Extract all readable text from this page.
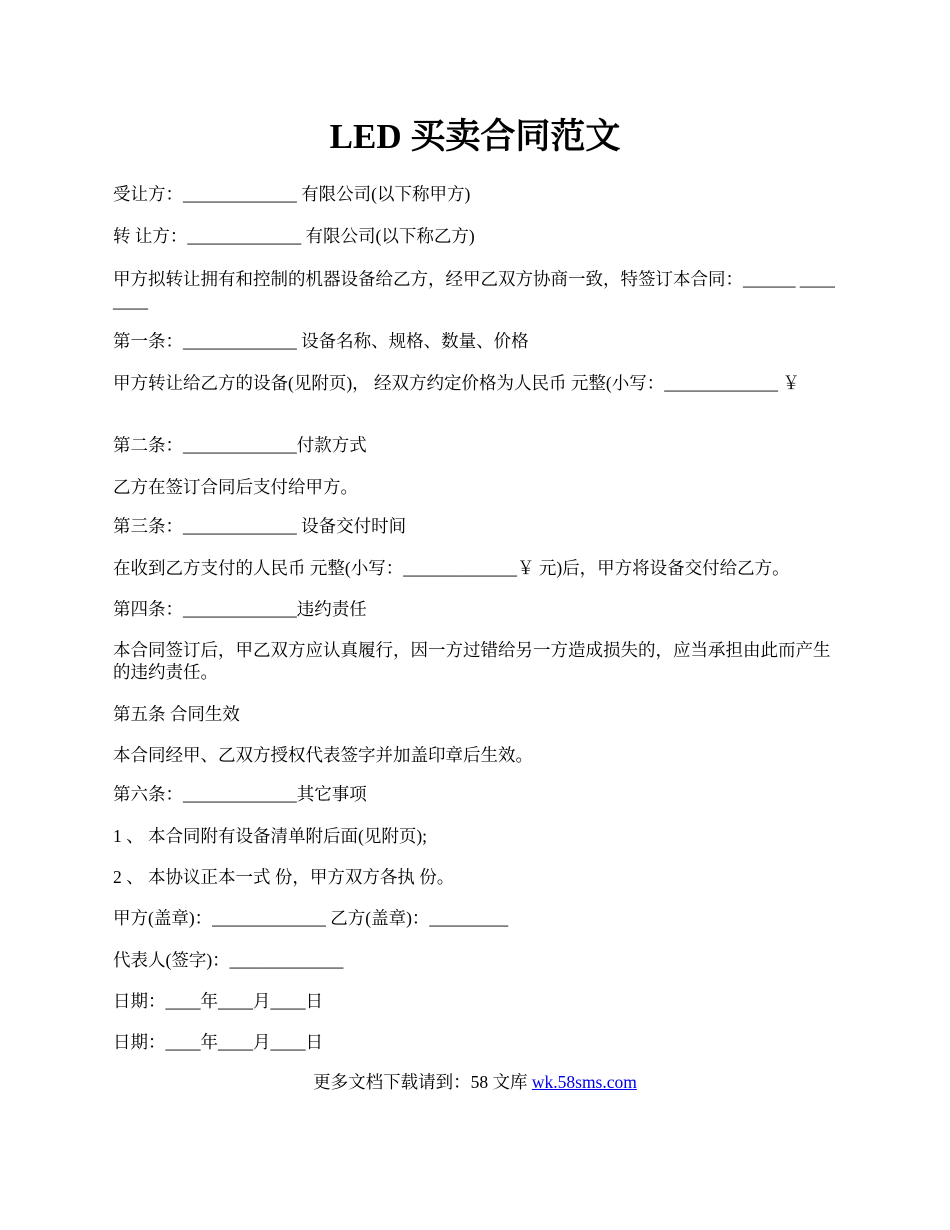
LED 买卖合同范文

受让方：_____________ 有限公司(以下称甲方)

转 让方：_____________ 有限公司(以下称乙方)

甲方拟转让拥有和控制的机器设备给乙方，经甲乙双方协商一致，特签订本合同：______ ________

第一条：_____________ 设备名称、规格、数量、价格

甲方转让给乙方的设备(见附页)， 经双方约定价格为人民币 元整(小写：_____________ ￥

第二条：_____________付款方式

乙方在签订合同后支付给甲方。

第三条：_____________ 设备交付时间

在收到乙方支付的人民币 元整(小写：_____________￥ 元)后，甲方将设备交付给乙方。

第四条：_____________违约责任

本合同签订后，甲乙双方应认真履行，因一方过错给另一方造成损失的，应当承担由此而产生 的违约责任。

第五条 合同生效

本合同经甲、乙双方授权代表签字并加盖印章后生效。

第六条：_____________其它事项

1 、 本合同附有设备清单附后面(见附页);

2 、 本协议正本一式 份，甲方双方各执 份。

甲方(盖章)：_____________ 乙方(盖章)：_________

代表人(签字)：_____________

日期：____年____月____日

日期：____年____月____日

更多文档下载请到：58 文库 wk.58sms.com
